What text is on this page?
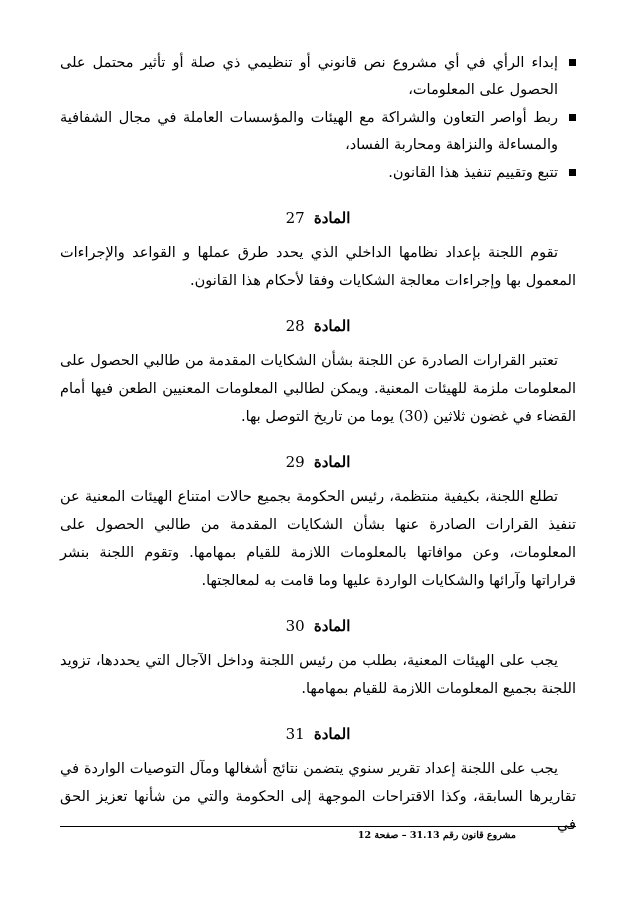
إبداء الرأي في أي مشروع نص قانوني أو تنظيمي ذي صلة أو تأثير محتمل على الحصول على المعلومات،
ربط أواصر التعاون والشراكة مع الهيئات والمؤسسات العاملة في مجال الشفافية والمساءلة والنزاهة ومحاربة الفساد،
تتبع وتقييم تنفيذ هذا القانون.
المادة 27

تقوم اللجنة بإعداد نظامها الداخلي الذي يحدد طرق عملها و القواعد والإجراءات المعمول بها وإجراءات معالجة الشكايات وفقا لأحكام هذا القانون.

المادة 28

تعتبر القرارات الصادرة عن اللجنة بشأن الشكايات المقدمة من طالبي الحصول على المعلومات ملزمة للهيئات المعنية. ويمكن لطالبي المعلومات المعنيين الطعن فيها أمام القضاء في غضون ثلاثين (30) يوما من تاريخ التوصل بها.

المادة 29

تطلع اللجنة، بكيفية منتظمة، رئيس الحكومة بجميع حالات امتناع الهيئات المعنية عن تنفيذ القرارات الصادرة عنها بشأن الشكايات المقدمة من طالبي الحصول على المعلومات، وعن موافاتها بالمعلومات اللازمة للقيام بمهامها. وتقوم اللجنة بنشر قراراتها وآرائها والشكايات الواردة عليها وما قامت به لمعالجتها.

المادة 30

يجب على الهيئات المعنية، بطلب من رئيس اللجنة وداخل الآجال التي يحددها، تزويد اللجنة بجميع المعلومات اللازمة للقيام بمهامها.

المادة 31

يجب على اللجنة إعداد تقرير سنوي يتضمن نتائج أشغالها ومآل التوصيات الواردة في تقاريرها السابقة، وكذا الاقتراحات الموجهة إلى الحكومة والتي من شأنها تعزيز الحق في

مشروع قانون رقم 31.13 – صفحة 12
